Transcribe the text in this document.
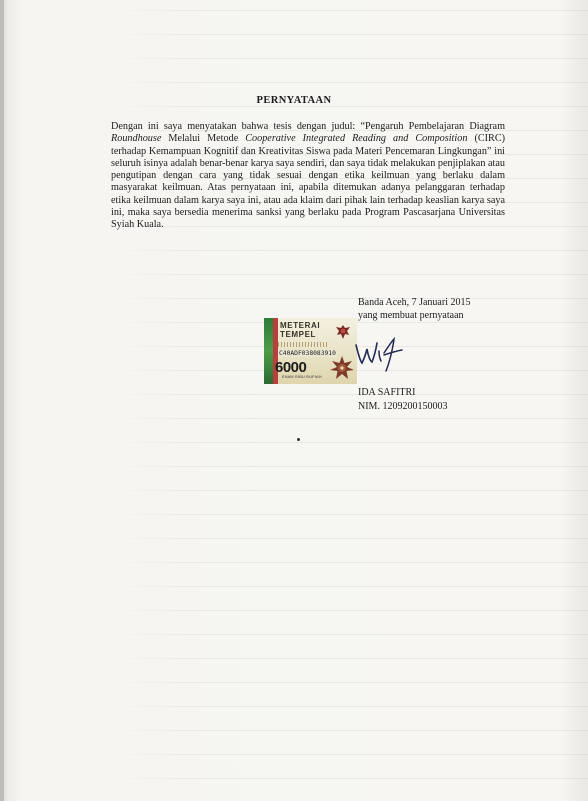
PERNYATAAN
Dengan ini saya menyatakan bahwa tesis dengan judul: “Pengaruh Pembelajaran Diagram Roundhouse Melalui Metode Cooperative Integrated Reading and Composition (CIRC) terhadap Kemampuan Kognitif dan Kreativitas Siswa pada Materi Pencemaran Lingkungan” ini seluruh isinya adalah benar-benar karya saya sendiri, dan saya tidak melakukan penjiplakan atau pengutipan dengan cara yang tidak sesuai dengan etika keilmuan yang berlaku dalam masyarakat keilmuan. Atas pernyataan ini, apabila ditemukan adanya pelanggaran terhadap etika keilmuan dalam karya saya ini, atau ada klaim dari pihak lain terhadap keaslian karya saya ini, maka saya bersedia menerima sanksi yang berlaku pada Program Pascasarjana Universitas Syiah Kuala.
Banda Aceh, 7 Januari 2015
yang membuat pernyataan
METERAI
TEMPEL
C40ADF038083910
6000
ENAM RIBU RUPIAH
IDA SAFITRI
NIM. 1209200150003
